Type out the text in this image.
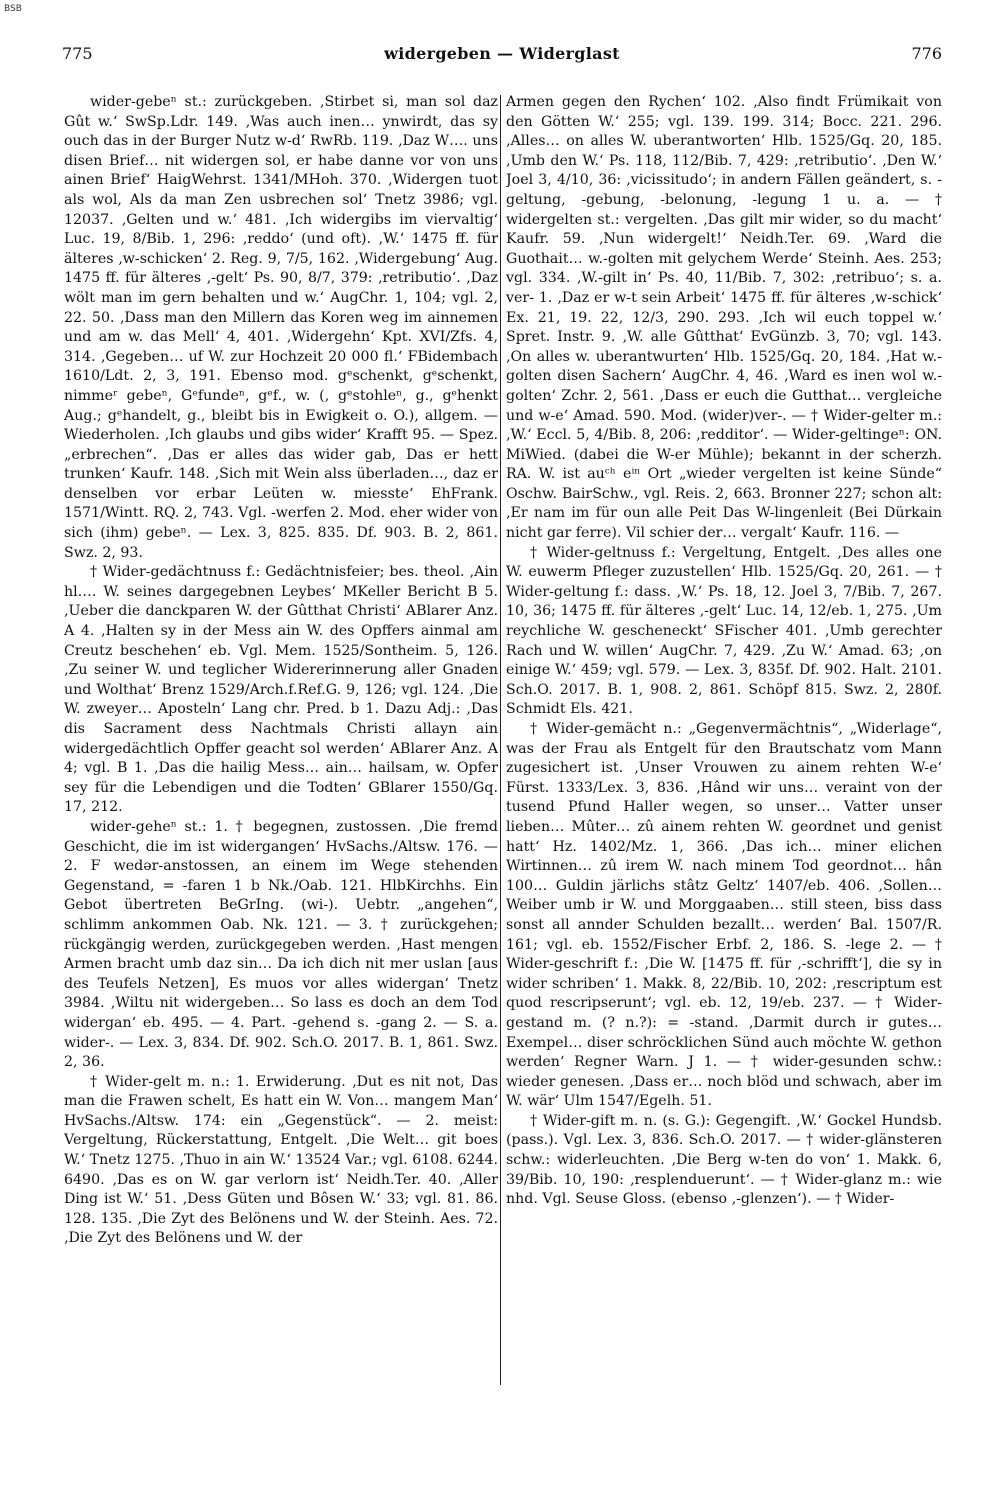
BSB
775	widergeben — Widerglast	776

wider-gebeⁿ st.: zurückgeben. ‚Stirbet si, man sol daz Gût w.‘ SwSp.Ldr. 149. ‚Was auch inen… ynwirdt, das sy ouch das in der Burger Nutz w-d‘ RwRb. 119. ‚Daz W…. uns disen Brief… nit widergen sol, er habe danne vor von uns ainen Brief‘ HaigWehrst. 1341/MHoh. 370. ‚Widergen tuot als wol, Als da man Zen usbrechen sol‘ Tnetz 3986; vgl. 12037. ‚Gelten und w.‘ 481. ‚Ich widergibs im viervaltig‘ Luc. 19, 8/Bib. 1, 296: ‚reddo‘ (und oft). ‚W.‘ 1475 ff. für älteres ‚w-schicken‘ 2. Reg. 9, 7/5, 162. ‚Widergebung‘ Aug. 1475 ff. für älteres ‚-gelt‘ Ps. 90, 8/7, 379: ‚retributio‘. ‚Daz wölt man im gern behalten und w.‘ AugChr. 1, 104; vgl. 2, 22. 50. ‚Dass man den Millern das Koren weg im ainnemen und am w. das Mell‘ 4, 401. ‚Widergehn‘ Kpt. XVI/Zfs. 4, 314. ‚Gegeben… uf W. zur Hochzeit 20 000 fl.‘ FBidembach 1610/Ldt. 2, 3, 191. Ebenso mod. gᵉschenkt, gᵉschenkt, nimmeʳ gebeⁿ, Gᵉfundeⁿ, gᵉf., w. (, gᵉstohleⁿ, g., gᵉhenkt Aug.; gᵉhandelt, g., bleibt bis in Ewigkeit o. O.), allgem. — Wiederholen. ‚Ich glaubs und gibs wider‘ Krafft 95. — Spez. „erbrechen“. ‚Das er alles das wider gab, Das er hett trunken‘ Kaufr. 148. ‚Sich mit Wein alss überladen…, daz er denselben vor erbar Leüten w. miesste‘ EhFrank. 1571/Wintt. RQ. 2, 743. Vgl. -werfen 2. Mod. eher wider von sich (ihm) gebeⁿ. — Lex. 3, 825. 835. Df. 903. B. 2, 861. Swz. 2, 93.

† Wider-gedächtnuss f.: Gedächtnisfeier; bes. theol. ‚Ain hl…. W. seines dargegebnen Leybes‘ MKeller Bericht B 5. ‚Ueber die danckparen W. der Gûtthat Christi‘ ABlarer Anz. A 4. ‚Halten sy in der Mess ain W. des Opffers ainmal am Creutz beschehen‘ eb. Vgl. Mem. 1525/Sontheim. 5, 126. ‚Zu seiner W. und teglicher Widererinnerung aller Gnaden und Wolthat‘ Brenz 1529/Arch.f.Ref.G. 9, 126; vgl. 124. ‚Die W. zweyer… Aposteln‘ Lang chr. Pred. b 1. Dazu Adj.: ‚Das dis Sacrament dess Nachtmals Christi allayn ain widergedächtlich Opffer geacht sol werden‘ ABlarer Anz. A 4; vgl. B 1. ‚Das die hailig Mess… ain… hailsam, w. Opfer sey für die Lebendigen und die Todten‘ GBlarer 1550/Gq. 17, 212.

wider-geheⁿ st.: 1. † begegnen, zustossen. ‚Die fremd Geschicht, die im ist widergangen‘ HvSachs./Altsw. 176. — 2. F wedər-anstossen, an einem im Wege stehenden Gegenstand, = -faren 1 b Nk./Oab. 121. HlbKirchhs. Ein Gebot übertreten BeGrIng. (wi-). Uebtr. „angehen“, schlimm ankommen Oab. Nk. 121. — 3. † zurückgehen; rückgängig werden, zurückgegeben werden. ‚Hast mengen Armen bracht umb daz sin… Da ich dich nit mer uslan [aus des Teufels Netzen], Es muos vor alles widergan‘ Tnetz 3984. ‚Wiltu nit widergeben… So lass es doch an dem Tod widergan‘ eb. 495. — 4. Part. -gehend s. -gang 2. — S. a. wider-. — Lex. 3, 834. Df. 902. Sch.O. 2017. B. 1, 861. Swz. 2, 36.

† Wider-gelt m. n.: 1. Erwiderung. ‚Dut es nit not, Das man die Frawen schelt, Es hatt ein W. Von… mangem Man‘ HvSachs./Altsw. 174: ein „Gegenstück“. — 2. meist: Vergeltung, Rückerstattung, Entgelt. ‚Die Welt… git boes W.‘ Tnetz 1275. ‚Thuo in ain W.‘ 13524 Var.; vgl. 6108. 6244. 6490. ‚Das es on W. gar verlorn ist‘ Neidh.Ter. 40. ‚Aller Ding ist W.‘ 51. ‚Dess Güten und Bôsen W.‘ 33; vgl. 81. 86. 128. 135. ‚Die Zyt des Belönens und W. der Steinh. Aes. 72. ‚Die Zyt des Belönens und W. der

Armen gegen den Rychen‘ 102. ‚Also findt Frümikait von den Götten W.‘ 255; vgl. 139. 199. 314; Bocc. 221. 296. ‚Alles… on alles W. uberantworten‘ Hlb. 1525/Gq. 20, 185. ‚Umb den W.‘ Ps. 118, 112/Bib. 7, 429: ‚retributio‘. ‚Den W.‘ Joel 3, 4/10, 36: ‚vicissitudo‘; in andern Fällen geändert, s. -geltung, -gebung, -belonung, -legung 1 u. a. — † widergelten st.: vergelten. ‚Das gilt mir wider, so du macht‘ Kaufr. 59. ‚Nun widergelt!‘ Neidh.Ter. 69. ‚Ward die Guothait… w.-golten mit gelychem Werde‘ Steinh. Aes. 253; vgl. 334. ‚W.-gilt in‘ Ps. 40, 11/Bib. 7, 302: ‚retribuo‘; s. a. ver- 1. ‚Daz er w-t sein Arbeit‘ 1475 ff. für älteres ‚w-schick‘ Ex. 21, 19. 22, 12/3, 290. 293. ‚Ich wil euch toppel w.‘ Spret. Instr. 9. ‚W. alle Gûtthat‘ EvGünzb. 3, 70; vgl. 143. ‚On alles w. uberantwurten‘ Hlb. 1525/Gq. 20, 184. ‚Hat w.-golten disen Sachern‘ AugChr. 4, 46. ‚Ward es inen wol w.-golten‘ Zchr. 2, 561. ‚Dass er euch die Gutthat… vergleiche und w-e‘ Amad. 590. Mod. (wider)ver-. — † Wider-gelter m.: ‚W.‘ Eccl. 5, 4/Bib. 8, 206: ‚redditor‘. — Wider-geltingeⁿ: ON. MiWied. (dabei die W-er Mühle); bekannt in der scherzh. RA. W. ist auᶜʰ eⁱⁿ Ort „wieder vergelten ist keine Sünde“ Oschw. BairSchw., vgl. Reis. 2, 663. Bronner 227; schon alt: ‚Er nam im für oun alle Peit Das W-lingenleit (Bei Dürkain nicht gar ferre). Vil schier der… vergalt‘ Kaufr. 116. —

† Wider-geltnuss f.: Vergeltung, Entgelt. ‚Des alles one W. euwerm Pfleger zuzustellen‘ Hlb. 1525/Gq. 20, 261. — † Wider-geltung f.: dass. ‚W.‘ Ps. 18, 12. Joel 3, 7/Bib. 7, 267. 10, 36; 1475 ff. für älteres ‚-gelt‘ Luc. 14, 12/eb. 1, 275. ‚Um reychliche W. gescheneckt‘ SFischer 401. ‚Umb gerechter Rach und W. willen‘ AugChr. 7, 429. ‚Zu W.‘ Amad. 63; ‚on einige W.‘ 459; vgl. 579. — Lex. 3, 835f. Df. 902. Halt. 2101. Sch.O. 2017. B. 1, 908. 2, 861. Schöpf 815. Swz. 2, 280f. Schmidt Els. 421.

† Wider-gemächt n.: „Gegenvermächtnis“, „Widerlage“, was der Frau als Entgelt für den Brautschatz vom Mann zugesichert ist. ‚Unser Vrouwen zu ainem rehten W-e‘ Fürst. 1333/Lex. 3, 836. ‚Hând wir uns… veraint von der tusend Pfund Haller wegen, so unser… Vatter unser lieben… Mûter… zû ainem rehten W. geordnet und genist hatt‘ Hz. 1402/Mz. 1, 366. ‚Das ich… miner elichen Wirtinnen… zû irem W. nach minem Tod geordnot… hân 100… Guldin järlichs stâtz Geltz‘ 1407/eb. 406. ‚Sollen… Weiber umb ir W. und Morggaaben… still steen, biss dass sonst all annder Schulden bezallt… werden‘ Bal. 1507/R. 161; vgl. eb. 1552/Fischer Erbf. 2, 186. S. -lege 2. — † Wider-geschrift f.: ‚Die W. [1475 ff. für ‚-schrifft‘], die sy in wider schriben‘ 1. Makk. 8, 22/Bib. 10, 202: ‚rescriptum est quod rescripserunt‘; vgl. eb. 12, 19/eb. 237. — † Wider-gestand m. (? n.?): = -stand. ‚Darmit durch ir gutes… Exempel… diser schröcklichen Sünd auch möchte W. gethon werden‘ Regner Warn. J 1. — † wider-gesunden schw.: wieder genesen. ‚Dass er… noch blöd und schwach, aber im W. wär‘ Ulm 1547/Egelh. 51.

† Wider-gift m. n. (s. G.): Gegengift. ‚W.‘ Gockel Hundsb. (pass.). Vgl. Lex. 3, 836. Sch.O. 2017. — † wider-glänsteren schw.: widerleuchten. ‚Die Berg w-ten do von‘ 1. Makk. 6, 39/Bib. 10, 190: ‚resplenduerunt‘. — † Wider-glanz m.: wie nhd. Vgl. Seuse Gloss. (ebenso ‚-glenzen‘). — † Wider-
